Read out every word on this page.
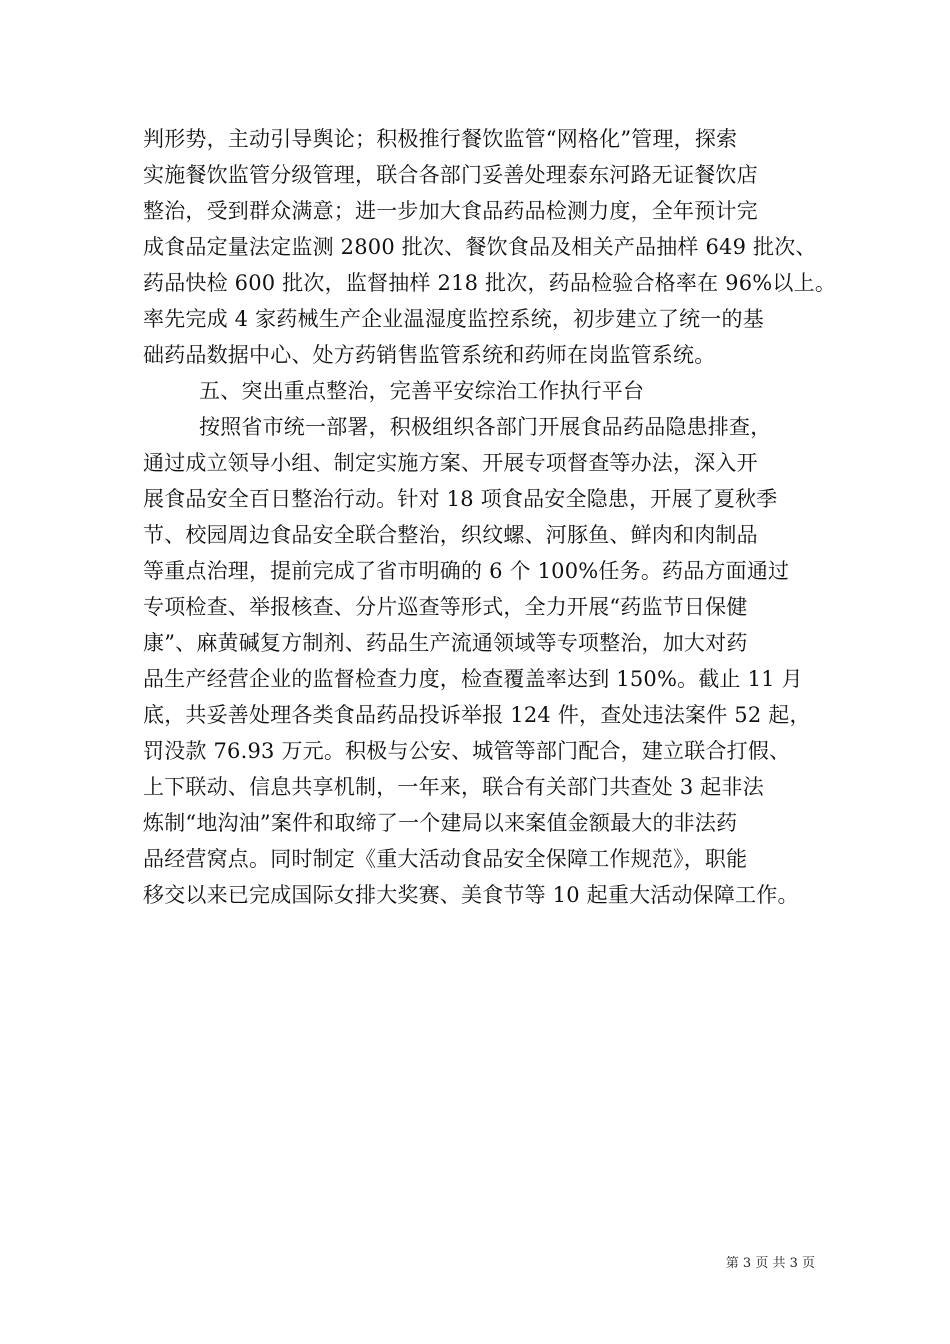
判形势，主动引导舆论；积极推行餐饮监管“网格化”管理，探索
实施餐饮监管分级管理，联合各部门妥善处理泰东河路无证餐饮店
整治，受到群众满意；进一步加大食品药品检测力度，全年预计完
成食品定量法定监测 2800 批次、餐饮食品及相关产品抽样 649 批次、
药品快检 600 批次，监督抽样 218 批次，药品检验合格率在 96%以上。
率先完成 4 家药械生产企业温湿度监控系统，初步建立了统一的基
础药品数据中心、处方药销售监管系统和药师在岗监管系统。
五、突出重点整治，完善平安综治工作执行平台
按照省市统一部署，积极组织各部门开展食品药品隐患排查，
通过成立领导小组、制定实施方案、开展专项督查等办法，深入开
展食品安全百日整治行动。针对 18 项食品安全隐患，开展了夏秋季
节、校园周边食品安全联合整治，织纹螺、河豚鱼、鲜肉和肉制品
等重点治理，提前完成了省市明确的 6 个 100%任务。药品方面通过
专项检查、举报核查、分片巡查等形式，全力开展“药监节日保健
康”、麻黄碱复方制剂、药品生产流通领域等专项整治，加大对药
品生产经营企业的监督检查力度，检查覆盖率达到 150%。截止 11 月
底，共妥善处理各类食品药品投诉举报 124 件，查处违法案件 52 起，
罚没款 76.93 万元。积极与公安、城管等部门配合，建立联合打假、
上下联动、信息共享机制，一年来，联合有关部门共查处 3 起非法
炼制“地沟油”案件和取缔了一个建局以来案值金额最大的非法药
品经营窝点。同时制定《重大活动食品安全保障工作规范》，职能
移交以来已完成国际女排大奖赛、美食节等 10 起重大活动保障工作。
第 3 页 共 3 页
